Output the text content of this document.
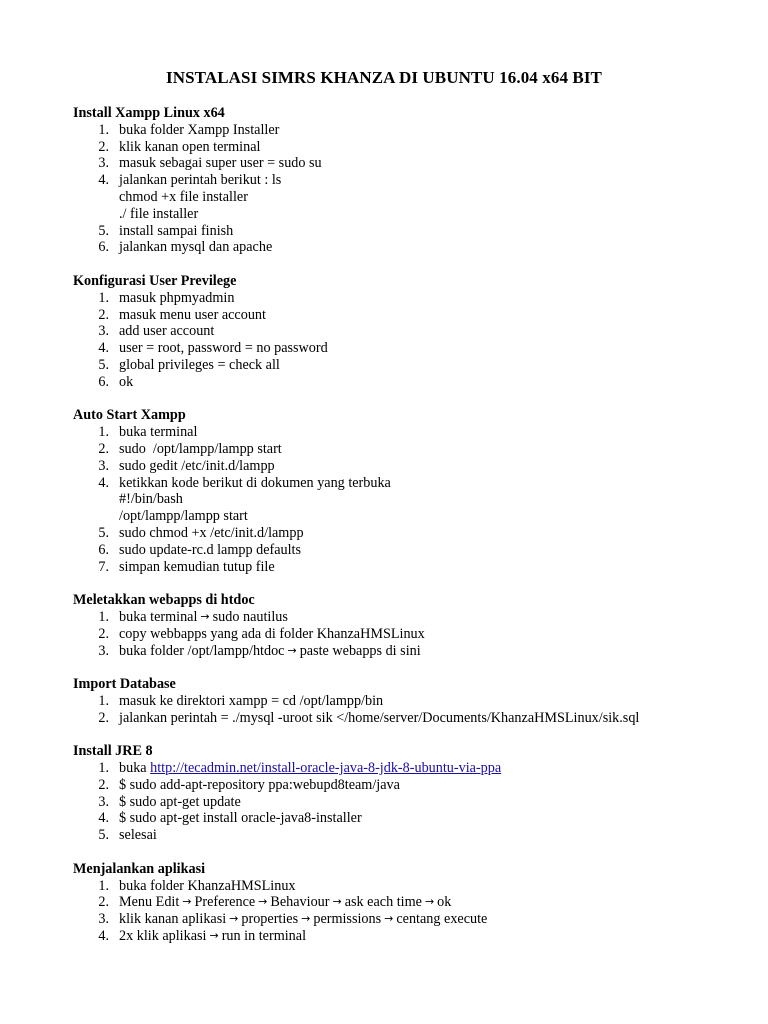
INSTALASI SIMRS KHANZA DI UBUNTU 16.04 x64 BIT
Install Xampp Linux x64
1. buka folder Xampp Installer
2. klik kanan open terminal
3. masuk sebagai super user = sudo su
4. jalankan perintah berikut : ls
chmod +x file installer
./ file installer
5. install sampai finish
6. jalankan mysql dan apache
Konfigurasi User Previlege
1. masuk phpmyadmin
2. masuk menu user account
3. add user account
4. user = root, password = no password
5. global privileges = check all
6. ok
Auto Start Xampp
1. buka terminal
2. sudo  /opt/lampp/lampp start
3. sudo gedit /etc/init.d/lampp
4. ketikkan kode berikut di dokumen yang terbuka
#!/bin/bash
/opt/lampp/lampp start
5. sudo chmod +x /etc/init.d/lampp
6. sudo update-rc.d lampp defaults
7. simpan kemudian tutup file
Meletakkan webapps di htdoc
1. buka terminal → sudo nautilus
2. copy webbapps yang ada di folder KhanzaHMSLinux
3. buka folder /opt/lampp/htdoc → paste webapps di sini
Import Database
1. masuk ke direktori xampp = cd /opt/lampp/bin
2. jalankan perintah = ./mysql -uroot sik </home/server/Documents/KhanzaHMSLinux/sik.sql
Install JRE 8
1. buka http://tecadmin.net/install-oracle-java-8-jdk-8-ubuntu-via-ppa
2. $ sudo add-apt-repository ppa:webupd8team/java
3. $ sudo apt-get update
4. $ sudo apt-get install oracle-java8-installer
5. selesai
Menjalankan aplikasi
1. buka folder KhanzaHMSLinux
2. Menu Edit → Preference → Behaviour → ask each time → ok
3. klik kanan aplikasi → properties → permissions → centang execute
4. 2x klik aplikasi → run in terminal
